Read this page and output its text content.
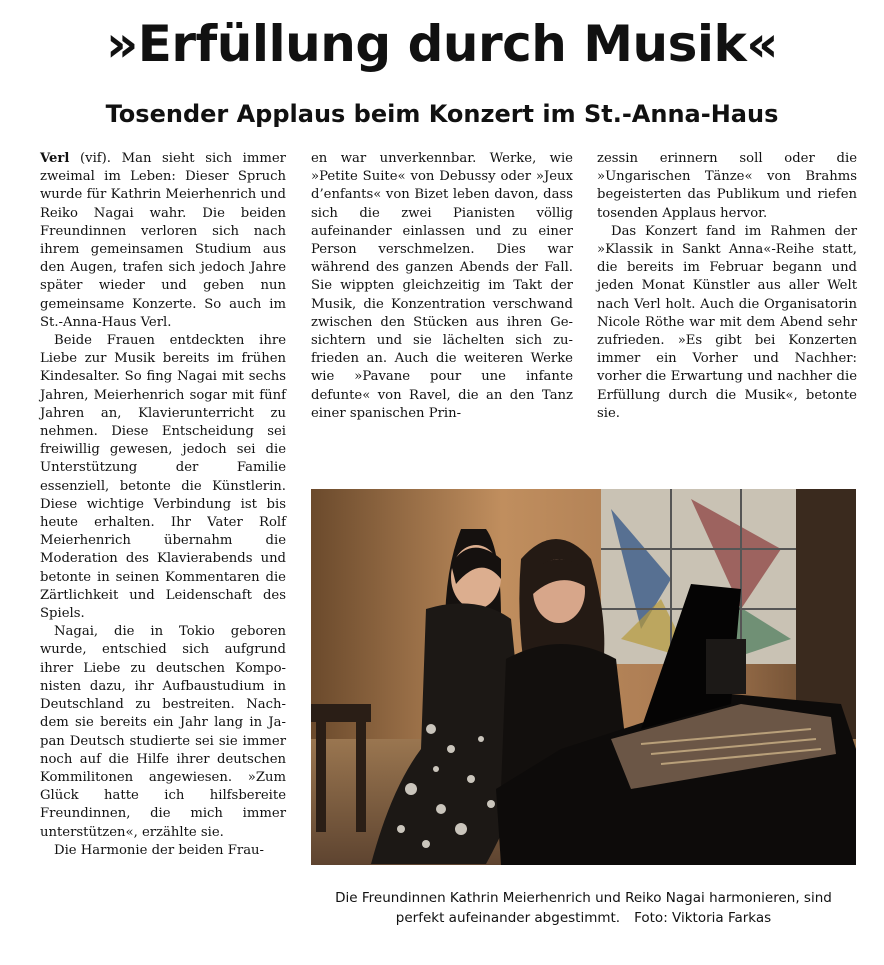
»Erfüllung durch Musik«
Tosender Applaus beim Konzert im St.-Anna-Haus

Verl (vif). Man sieht sich immer zweimal im Leben: Dieser Spruch wurde für Kathrin Meierhenrich und Reiko Nagai wahr. Die beiden Freundinnen verloren sich nach ihrem gemeinsamen Studium aus den Augen, trafen sich jedoch Jahre später wieder und geben nun gemeinsame Konzerte. So auch im St.-Anna-Haus Verl.

Beide Frauen entdeckten ihre Liebe zur Musik bereits im frühen Kindesalter. So fing Nagai mit sechs Jahren, Meierhenrich sogar mit fünf Jahren an, Klavierunterricht zu nehmen. Diese Entscheidung sei freiwillig gewesen, jedoch sei die Unterstützung der Familie essenziell, betonte die Künstlerin. Diese wichtige Verbindung ist bis heute erhalten. Ihr Vater Rolf Meierhenrich übernahm die Moderation des Klavierabends und betonte in seinen Kommentaren die Zärtlichkeit und Leidenschaft des Spiels.

Nagai, die in Tokio geboren wurde, entschied sich aufgrund ihrer Liebe zu deutschen Komponisten dazu, ihr Aufbaustudium in Deutschland zu bestreiten. Nachdem sie bereits ein Jahr lang in Japan Deutsch studierte sei sie immer noch auf die Hilfe ihrer deutschen Kommilitonen angewiesen. »Zum Glück hatte ich hilfsbereite Freundinnen, die mich immer unterstützen«, erzählte sie.

Die Harmonie der beiden Frau-

en war unverkennbar. Werke, wie »Petite Suite« von Debussy oder »Jeux d’enfants« von Bizet leben davon, dass sich die zwei Pianisten völlig aufeinander einlassen und zu einer Person verschmelzen. Dies war während des ganzen Abends der Fall. Sie wippten gleichzeitig im Takt der Musik, die Konzentration verschwand zwischen den Stücken aus ihren Gesichtern und sie lächelten sich zufrieden an. Auch die weiteren Werke wie »Pavane pour une infante defunte« von Ravel, die an den Tanz einer spanischen Prin-

zessin erinnern soll oder die »Ungarischen Tänze« von Brahms begeisterten das Publikum und riefen tosenden Applaus hervor.

Das Konzert fand im Rahmen der »Klassik in Sankt Anna«-Reihe statt, die bereits im Februar begann und jeden Monat Künstler aus aller Welt nach Verl holt. Auch die Organisatorin Nicole Röthe war mit dem Abend sehr zufrieden. »Es gibt bei Konzerten immer ein Vorher und Nachher: vorher die Erwartung und nachher die Erfüllung durch die Musik«, betonte sie.

Die Freundinnen Kathrin Meierhenrich und Reiko Nagai harmonieren, sind perfekt aufeinander abgestimmt. Foto: Viktoria Farkas
